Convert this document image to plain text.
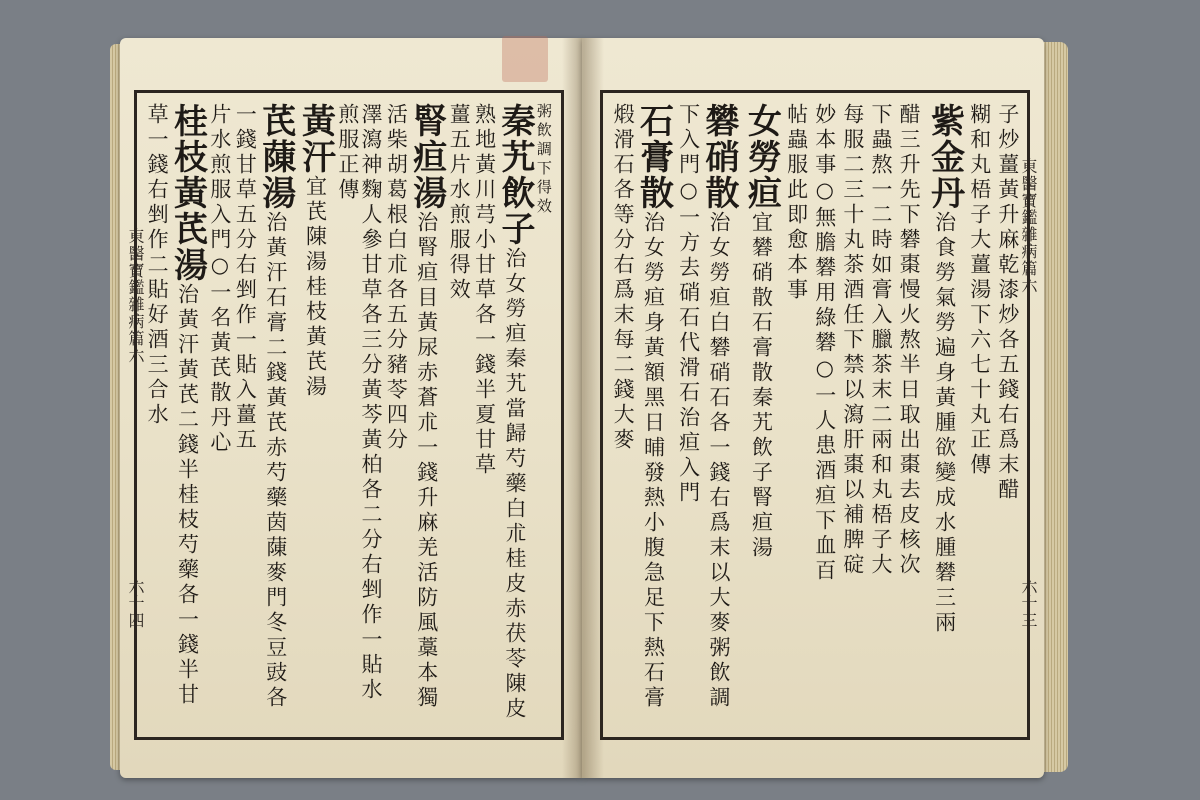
東醫寶鑑雜病篇六
六十四
粥飲調下得效
秦艽飲子治女勞疸秦艽當歸芍藥白朮桂皮赤茯苓陳皮熟地黃川芎小甘草各一錢半夏甘草
薑五片水煎服得效
腎疸湯治腎疸目黃尿赤蒼朮一錢升麻羌活防風藁本獨活柴胡葛根白朮各五分豬苓四分
澤瀉神麴人參甘草各三分黃芩黃柏各二分右剉作一貼水煎服正傳
黃汗宜芪陳湯桂枝黃芪湯
芪蔯湯治黃汗石膏二錢黃芪赤芍藥茵蔯麥門冬豆豉各一錢甘草五分右剉作一貼入薑五
片水煎服入門○一名黃芪散丹心
桂枝黃芪湯治黃汗黃芪二錢半桂枝芍藥各一錢半甘草一錢右剉作二貼好酒三合水	東醫寶鑑雜病篇六
六十三
子炒薑黃升麻乾漆炒各五錢右爲末醋
糊和丸梧子大薑湯下六七十丸正傳
紫金丹治食勞氣勞遍身黃腫欲變成水腫礬三兩
醋三升先下礬棗慢火熬半日取出棗去皮核次
下蟲熬一二時如膏入臘茶末二兩和丸梧子大
每服二三十丸茶酒任下禁以瀉肝棗以補脾碇
妙本事○無膽礬用綠礬○一人患酒疸下血百
帖蟲服此即愈本事
女勞疸宜礬硝散石膏散秦艽飲子腎疸湯
礬硝散治女勞疸白礬硝石各一錢右爲末以大麥粥飲調下入門○一方去硝石代滑石治疸入門
石膏散治女勞疸身黃額黑日晡發熱小腹急足下熱石膏煅滑石各等分右爲末每二錢大麥
